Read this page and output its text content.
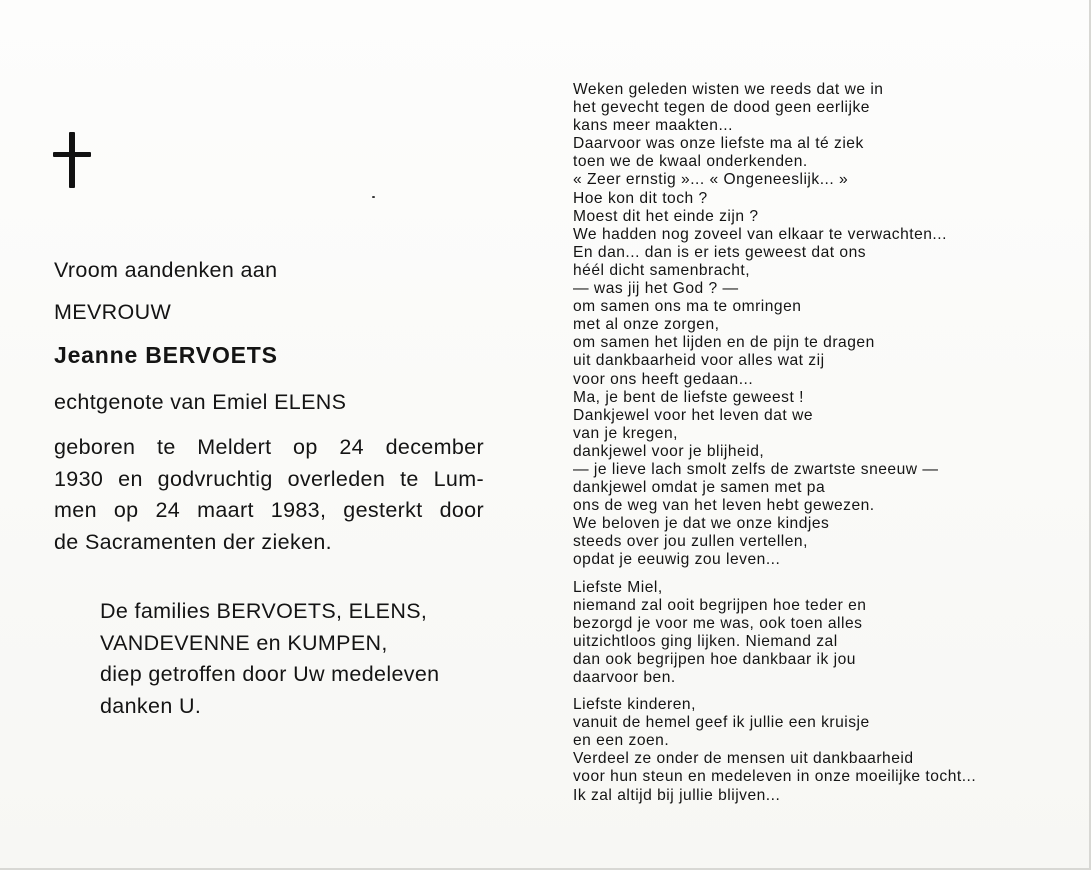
Vroom aandenken aan
MEVROUW
Jeanne BERVOETS
echtgenote van Emiel ELENS
geboren te Meldert op 24 december
1930 en godvruchtig overleden te Lum-
men op 24 maart 1983, gesterkt door
de Sacramenten der zieken.
De families BERVOETS, ELENS,
VANDEVENNE en KUMPEN,
diep getroffen door Uw medeleven
danken U.
Weken geleden wisten we reeds dat we in
het gevecht tegen de dood geen eerlijke
kans meer maakten...
Daarvoor was onze liefste ma al té ziek
toen we de kwaal onderkenden.
« Zeer ernstig »... « Ongeneeslijk... »
Hoe kon dit toch ?
Moest dit het einde zijn ?
We hadden nog zoveel van elkaar te verwachten...
En dan... dan is er iets geweest dat ons
héél dicht samenbracht,
— was jij het God ? —
om samen ons ma te omringen
met al onze zorgen,
om samen het lijden en de pijn te dragen
uit dankbaarheid voor alles wat zij
voor ons heeft gedaan...
Ma, je bent de liefste geweest !
Dankjewel voor het leven dat we
van je kregen,
dankjewel voor je blijheid,
— je lieve lach smolt zelfs de zwartste sneeuw —
dankjewel omdat je samen met pa
ons de weg van het leven hebt gewezen.
We beloven je dat we onze kindjes
steeds over jou zullen vertellen,
opdat je eeuwig zou leven...
Liefste Miel,
niemand zal ooit begrijpen hoe teder en
bezorgd je voor me was, ook toen alles
uitzichtloos ging lijken. Niemand zal
dan ook begrijpen hoe dankbaar ik jou
daarvoor ben.
Liefste kinderen,
vanuit de hemel geef ik jullie een kruisje
en een zoen.
Verdeel ze onder de mensen uit dankbaarheid
voor hun steun en medeleven in onze moeilijke tocht...
Ik zal altijd bij jullie blijven...
